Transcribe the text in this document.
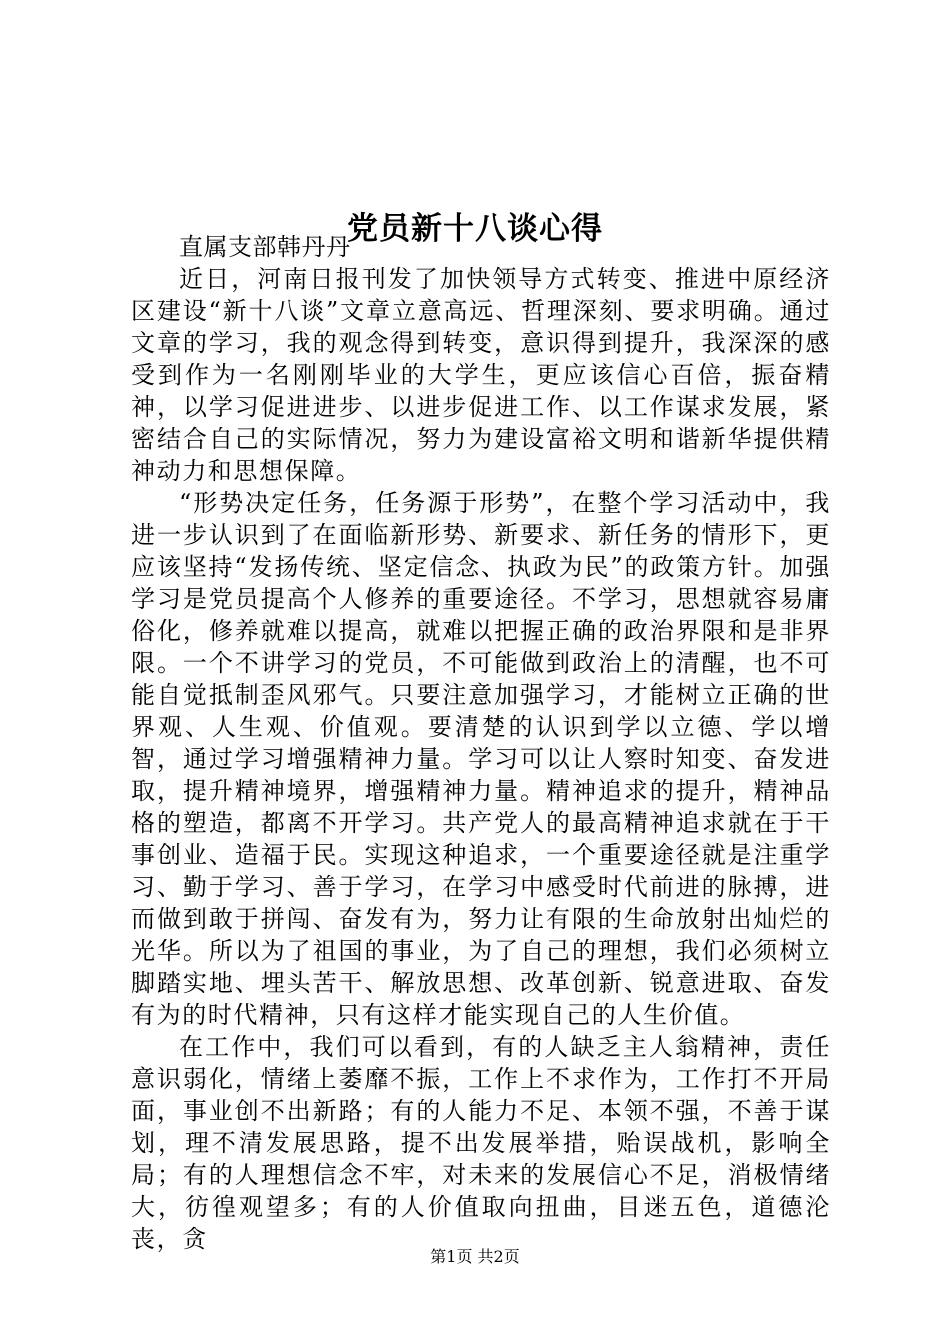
党员新十八谈心得

直属支部韩丹丹

近日，河南日报刊发了加快领导方式转变、推进中原经济区建设“新十八谈”文章立意高远、哲理深刻、要求明确。通过文章的学习，我的观念得到转变，意识得到提升，我深深的感受到作为一名刚刚毕业的大学生，更应该信心百倍，振奋精神，以学习促进进步、以进步促进工作、以工作谋求发展，紧密结合自己的实际情况，努力为建设富裕文明和谐新华提供精神动力和思想保障。

“形势决定任务，任务源于形势”，在整个学习活动中，我进一步认识到了在面临新形势、新要求、新任务的情形下，更应该坚持“发扬传统、坚定信念、执政为民”的政策方针。加强学习是党员提高个人修养的重要途径。不学习，思想就容易庸俗化，修养就难以提高，就难以把握正确的政治界限和是非界限。一个不讲学习的党员，不可能做到政治上的清醒，也不可能自觉抵制歪风邪气。只要注意加强学习，才能树立正确的世界观、人生观、价值观。要清楚的认识到学以立德、学以增智，通过学习增强精神力量。学习可以让人察时知变、奋发进取，提升精神境界，增强精神力量。精神追求的提升，精神品格的塑造，都离不开学习。共产党人的最高精神追求就在于干事创业、造福于民。实现这种追求，一个重要途径就是注重学习、勤于学习、善于学习，在学习中感受时代前进的脉搏，进而做到敢于拼闯、奋发有为，努力让有限的生命放射出灿烂的光华。所以为了祖国的事业，为了自己的理想，我们必须树立脚踏实地、埋头苦干、解放思想、改革创新、锐意进取、奋发有为的时代精神，只有这样才能实现自己的人生价值。

在工作中，我们可以看到，有的人缺乏主人翁精神，责任意识弱化，情绪上萎靡不振，工作上不求作为，工作打不开局面，事业创不出新路；有的人能力不足、本领不强，不善于谋划，理不清发展思路，提不出发展举措，贻误战机，影响全局；有的人理想信念不牢，对未来的发展信心不足，消极情绪大，彷徨观望多；有的人价值取向扭曲，目迷五色，道德沦丧，贪

第1页 共2页
